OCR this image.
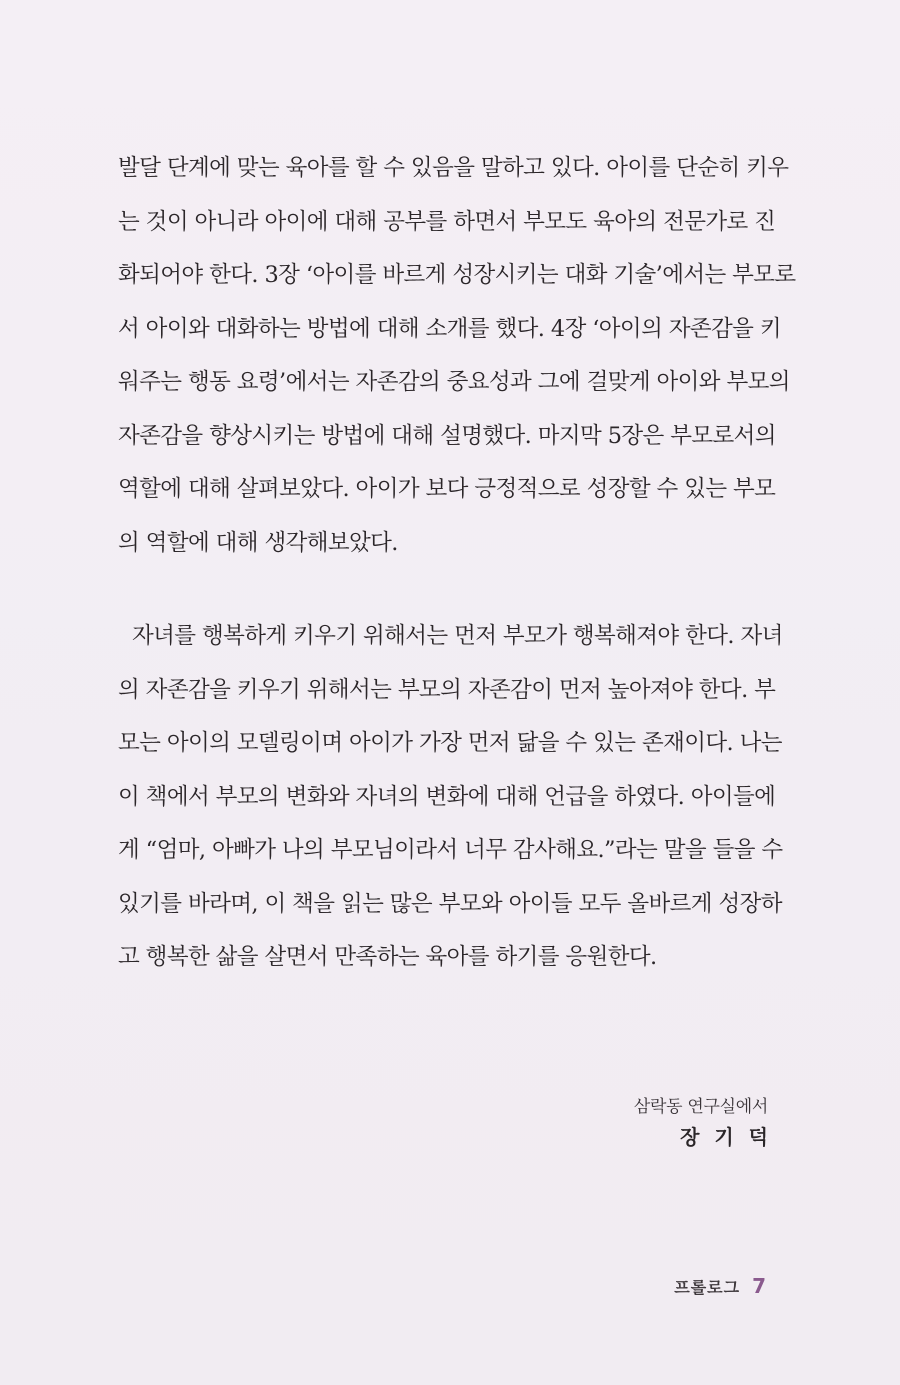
발달 단계에 맞는 육아를 할 수 있음을 말하고 있다. 아이를 단순히 키우
는 것이 아니라 아이에 대해 공부를 하면서 부모도 육아의 전문가로 진
화되어야 한다. 3장 ‘아이를 바르게 성장시키는 대화 기술’에서는 부모로
서 아이와 대화하는 방법에 대해 소개를 했다. 4장 ‘아이의 자존감을 키
워주는 행동 요령’에서는 자존감의 중요성과 그에 걸맞게 아이와 부모의
자존감을 향상시키는 방법에 대해 설명했다. 마지막 5장은 부모로서의
역할에 대해 살펴보았다. 아이가 보다 긍정적으로 성장할 수 있는 부모
의 역할에 대해 생각해보았다.
자녀를 행복하게 키우기 위해서는 먼저 부모가 행복해져야 한다. 자녀
의 자존감을 키우기 위해서는 부모의 자존감이 먼저 높아져야 한다. 부
모는 아이의 모델링이며 아이가 가장 먼저 닮을 수 있는 존재이다. 나는
이 책에서 부모의 변화와 자녀의 변화에 대해 언급을 하였다. 아이들에
게 “엄마, 아빠가 나의 부모님이라서 너무 감사해요.”라는 말을 들을 수
있기를 바라며, 이 책을 읽는 많은 부모와 아이들 모두 올바르게 성장하
고 행복한 삶을 살면서 만족하는 육아를 하기를 응원한다.
삼락동 연구실에서
장 기 덕
프롤로그 7
